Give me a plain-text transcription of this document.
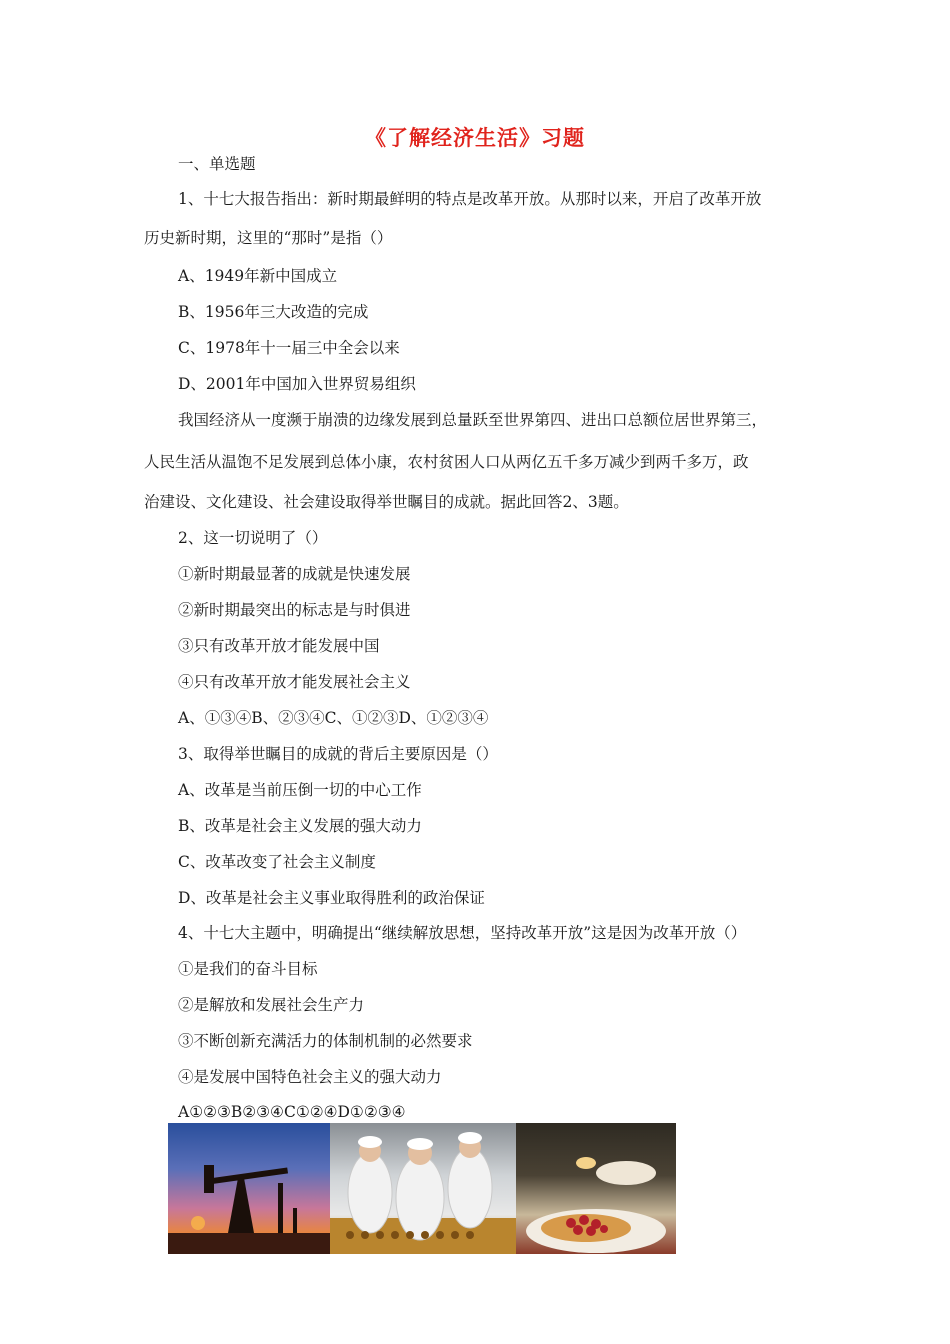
《了解经济生活》习题
一、单选题
1、十七大报告指出：新时期最鲜明的特点是改革开放。从那时以来，开启了改革开放
历史新时期，这里的“那时”是指（）
A、1949年新中国成立
B、1956年三大改造的完成
C、1978年十一届三中全会以来
D、2001年中国加入世界贸易组织
我国经济从一度濒于崩溃的边缘发展到总量跃至世界第四、进出口总额位居世界第三，
人民生活从温饱不足发展到总体小康，农村贫困人口从两亿五千多万减少到两千多万，政
治建设、文化建设、社会建设取得举世瞩目的成就。据此回答2、3题。
2、这一切说明了（）
①新时期最显著的成就是快速发展
②新时期最突出的标志是与时俱进
③只有改革开放才能发展中国
④只有改革开放才能发展社会主义
A、①③④B、②③④C、①②③D、①②③④
3、取得举世瞩目的成就的背后主要原因是（）
A、改革是当前压倒一切的中心工作
B、改革是社会主义发展的强大动力
C、改革改变了社会主义制度
D、改革是社会主义事业取得胜利的政治保证
4、十七大主题中，明确提出“继续解放思想，坚持改革开放”这是因为改革开放（）
①是我们的奋斗目标
②是解放和发展社会生产力
③不断创新充满活力的体制机制的必然要求
④是发展中国特色社会主义的强大动力
A①②③B②③④C①②④D①②③④
